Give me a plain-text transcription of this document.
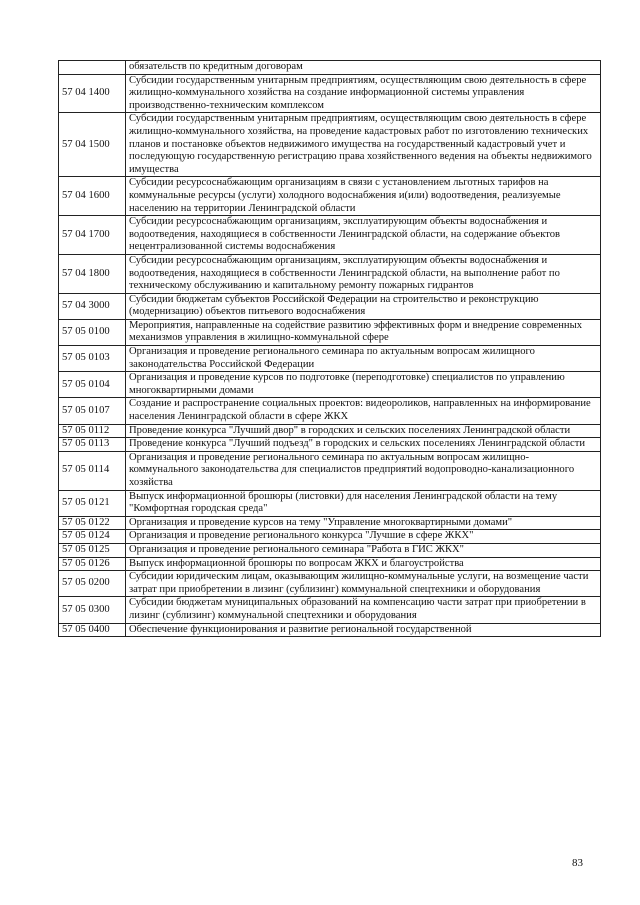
	обязательств по кредитным договорам
57 04 1400	Субсидии государственным унитарным предприятиям, осуществляющим свою деятельность в сфере жилищно-коммунального хозяйства на создание информационной системы управления производственно-техническим комплексом
57 04 1500	Субсидии государственным унитарным предприятиям, осуществляющим свою деятельность в сфере жилищно-коммунального хозяйства, на проведение кадастровых работ по изготовлению технических планов и постановке объектов недвижимого имущества на государственный кадастровый учет и последующую государственную регистрацию права хозяйственного ведения на объекты недвижимого имущества
57 04 1600	Субсидии ресурсоснабжающим организациям в связи с установлением льготных тарифов на коммунальные ресурсы (услуги) холодного водоснабжения и(или) водоотведения, реализуемые населению на территории Ленинградской области
57 04 1700	Субсидии ресурсоснабжающим организациям, эксплуатирующим объекты водоснабжения и водоотведения, находящиеся в собственности Ленинградской области, на содержание объектов нецентрализованной системы водоснабжения
57 04 1800	Субсидии ресурсоснабжающим организациям, эксплуатирующим объекты водоснабжения и водоотведения, находящиеся в собственности Ленинградской области, на выполнение работ по техническому обслуживанию и капитальному ремонту пожарных гидрантов
57 04 3000	Субсидии бюджетам субъектов Российской Федерации на строительство и реконструкцию (модернизацию) объектов питьевого водоснабжения
57 05 0100	Мероприятия, направленные на содействие развитию эффективных форм и внедрение современных механизмов управления в жилищно-коммунальной сфере
57 05 0103	Организация и проведение регионального семинара по актуальным вопросам жилищного законодательства Российской Федерации
57 05 0104	Организация и проведение курсов по подготовке (переподготовке) специалистов по управлению многоквартирными домами
57 05 0107	Создание и распространение социальных проектов: видеороликов, направленных на информирование населения Ленинградской области в сфере ЖКХ
57 05 0112	Проведение конкурса "Лучший двор" в городских и сельских поселениях Ленинградской области
57 05 0113	Проведение конкурса "Лучший подъезд" в городских и сельских поселениях Ленинградской области
57 05 0114	Организация и проведение регионального семинара по актуальным вопросам жилищно-коммунального законодательства для специалистов предприятий водопроводно-канализационного хозяйства
57 05 0121	Выпуск информационной брошюры (листовки) для населения Ленинградской области на тему "Комфортная городская среда"
57 05 0122	Организация и проведение курсов на тему "Управление многоквартирными домами"
57 05 0124	Организация и проведение регионального конкурса "Лучшие в сфере ЖКХ"
57 05 0125	Организация и проведение регионального семинара "Работа в ГИС ЖКХ"
57 05 0126	Выпуск информационной брошюры по вопросам ЖКХ и благоустройства
57 05 0200	Субсидии юридическим лицам, оказывающим жилищно-коммунальные услуги, на возмещение части затрат при приобретении в лизинг (сублизинг) коммунальной спецтехники и оборудования
57 05 0300	Субсидии бюджетам муниципальных образований на компенсацию части затрат при приобретении в лизинг (сублизинг) коммунальной спецтехники и оборудования
57 05 0400	Обеспечение функционирования и развитие региональной государственной
83
